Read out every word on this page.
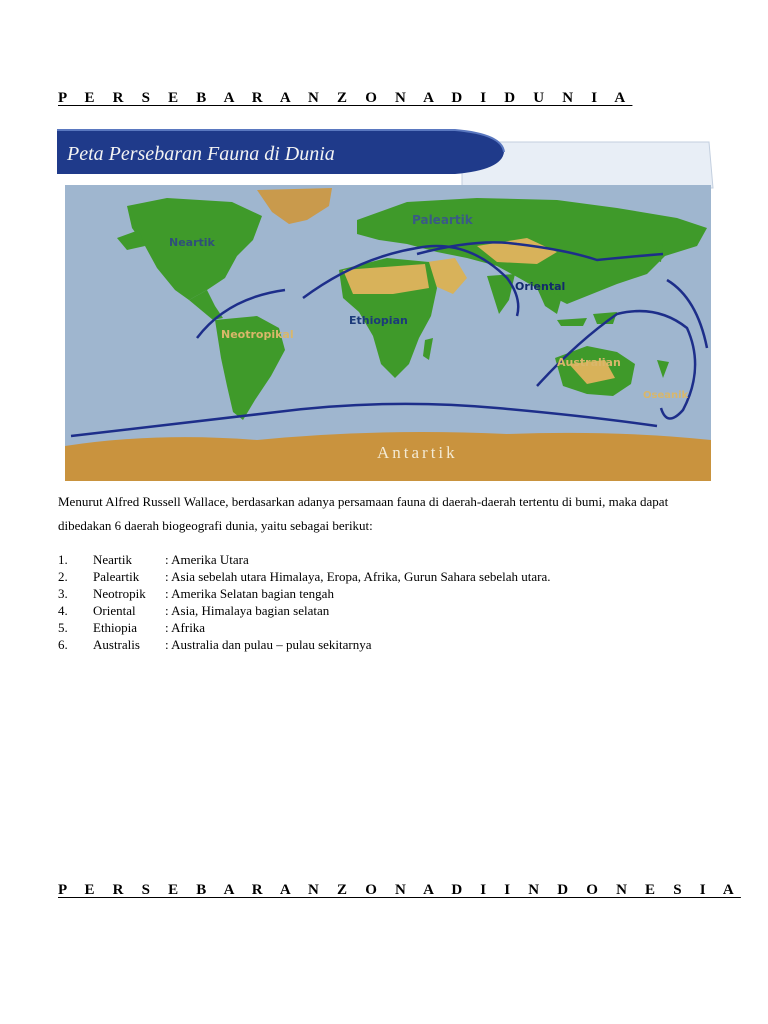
P E R S E B A R A N Z O N A D I D U N I A
Peta Persebaran Fauna di Dunia
Neartik
Paleartik
Oriental
Ethiopian
Neotropikal
Australian
Oseanik
Antartik
Menurut Alfred Russell Wallace, berdasarkan adanya persamaan fauna di daerah-daerah tertentu di bumi, maka dapat dibedakan 6 daerah biogeografi dunia, yaitu sebagai berikut:
1. Neartik	: Amerika Utara
2. Paleartik : Asia sebelah utara Himalaya, Eropa, Afrika, Gurun Sahara sebelah utara.
3. Neotropik : Amerika Selatan bagian tengah
4. Oriental : Asia, Himalaya bagian selatan
5. Ethiopia : Afrika
6. Australis : Australia dan pulau – pulau sekitarnya
P E R S E B A R A N Z O N A D I I N D O N E S I A
